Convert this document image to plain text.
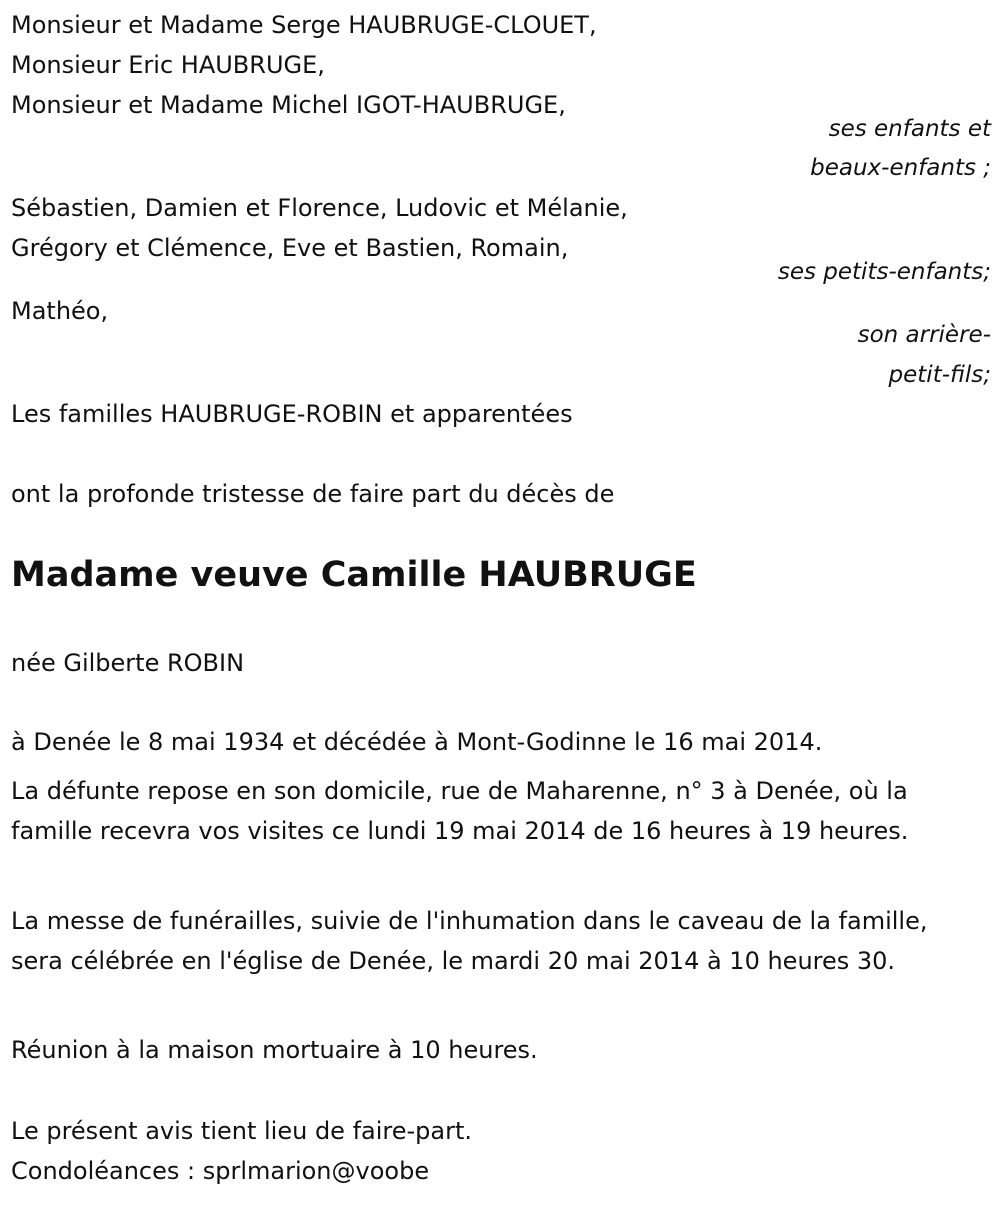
Monsieur et Madame Serge HAUBRUGE-CLOUET,
Monsieur Eric HAUBRUGE,
Monsieur et Madame Michel IGOT-HAUBRUGE,
ses enfants et
beaux-enfants ;
Sébastien, Damien et Florence, Ludovic et Mélanie,
Grégory et Clémence, Eve et Bastien, Romain,
ses petits-enfants;
Mathéo,
son arrière-
petit-fils;
Les familles HAUBRUGE-ROBIN et apparentées
ont la profonde tristesse de faire part du décès de
Madame veuve Camille HAUBRUGE
née Gilberte ROBIN
à Denée le 8 mai 1934 et décédée à Mont-Godinne le 16 mai 2014.
La défunte repose en son domicile, rue de Maharenne, n° 3 à Denée, où la famille recevra vos visites ce lundi 19 mai 2014 de 16 heures à 19 heures.
La messe de funérailles, suivie de l'inhumation dans le caveau de la famille, sera célébrée en l'église de Denée, le mardi 20 mai 2014 à 10 heures 30.
Réunion à la maison mortuaire à 10 heures.
Le présent avis tient lieu de faire-part.
Condoléances : sprlmarion@voobe
